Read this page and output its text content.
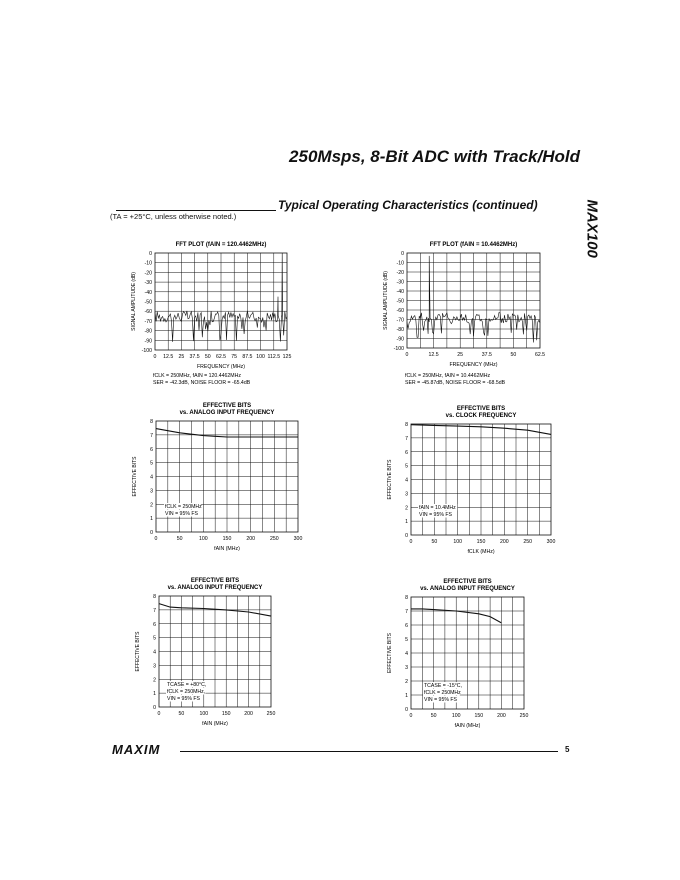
250Msps, 8-Bit ADC with Track/Hold
Typical Operating Characteristics (continued)
(TA = +25°C, unless otherwise noted.)	MAX100
FFT PLOT (fAIN = 120.4462MHz)
0
-10
-20
-30
-40
-50
-60
-70
-80
-90
-100
0 12.5 25 37.5 50 62.5 75 87.5 100 112.5 125
FREQUENCY (MHz)
SIGNAL AMPLITUDE (dB)
fCLK = 250MHz, fAIN = 120.4462MHz
SER = -42.3dB, NOISE FLOOR = -65.4dB
FFT PLOT (fAIN = 10.4462MHz)
0
-10
-20
-30
-40
-50
-60
-70
-80
-90
-100
0	12.5	25	37.5	50	62.5
FREQUENCY (MHz)
SIGNAL AMPLITUDE (dB)
fCLK = 250MHz, fAIN = 10.4462MHz
SER = -45.87dB, NOISE FLOOR = -68.5dB
EFFECTIVE BITS
vs. ANALOG INPUT FREQUENCY
0
1
2
3
4
5
6
7
8
0	50	100	150	200	250	300
fAIN (MHz)
EFFECTIVE BITS
fCLK = 250MHz
VIN = 95% FS
EFFECTIVE BITS
vs. CLOCK FREQUENCY
0
1
2
3
4
5
6
7
8
0	50	100	150	200	250	300
fCLK (MHz)
EFFECTIVE BITS
fAIN = 10.4MHz
VIN = 95% FS
EFFECTIVE BITS
vs. ANALOG INPUT FREQUENCY
0
1
2
3
4
5
6
7
8
0	50	100	150	200	250
fAIN (MHz)
EFFECTIVE BITS
TCASE = +80°C,
fCLK = 250MHz,
VIN = 95% FS
EFFECTIVE BITS
vs. ANALOG INPUT FREQUENCY
0
1
2
3
4
5
6
7
8
0	50	100	150	200	250
fAIN (MHz)
EFFECTIVE BITS
TCASE = -15°C,
fCLK = 250MHz
VIN = 95% FS
MAXIM	5
